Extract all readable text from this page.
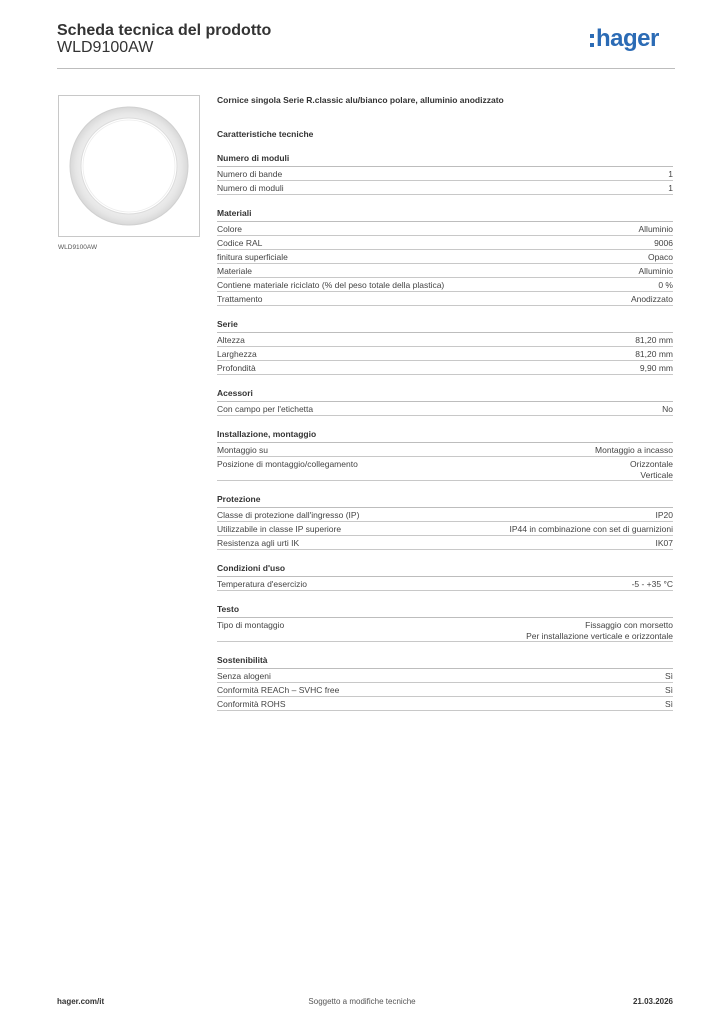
Scheda tecnica del prodotto
WLD9100AW	hager
WLD9100AW
Cornice singola Serie R.classic alu/bianco polare, alluminio anodizzato
Caratteristiche tecniche
Numero di moduli
Numero di bande	1
Numero di moduli	1
Materiali
Colore	Alluminio
Codice RAL	9006
finitura superficiale	Opaco
Materiale	Alluminio
Contiene materiale riciclato (% del peso totale della plastica)	0 %
Trattamento	Anodizzato
Serie
Altezza	81,20 mm
Larghezza	81,20 mm
Profondità	9,90 mm
Acessori
Con campo per l'etichetta	No
Installazione, montaggio
Montaggio su	Montaggio a incasso
Posizione di montaggio/collegamento	Orizzontale
Verticale
Protezione
Classe di protezione dall'ingresso (IP)	IP20
Utilizzabile in classe IP superiore	IP44 in combinazione con set di guarnizioni
Resistenza agli urti IK	IK07
Condizioni d'uso
Temperatura d'esercizio	-5 - +35 °C
Testo
Tipo di montaggio	Fissaggio con morsetto
Per installazione verticale e orizzontale
Sostenibilità
Senza alogeni	Sì
Conformità REACh – SVHC free	Sì
Conformità ROHS	Sì
hager.com/it	Soggetto a modifiche tecniche	21.03.2026
